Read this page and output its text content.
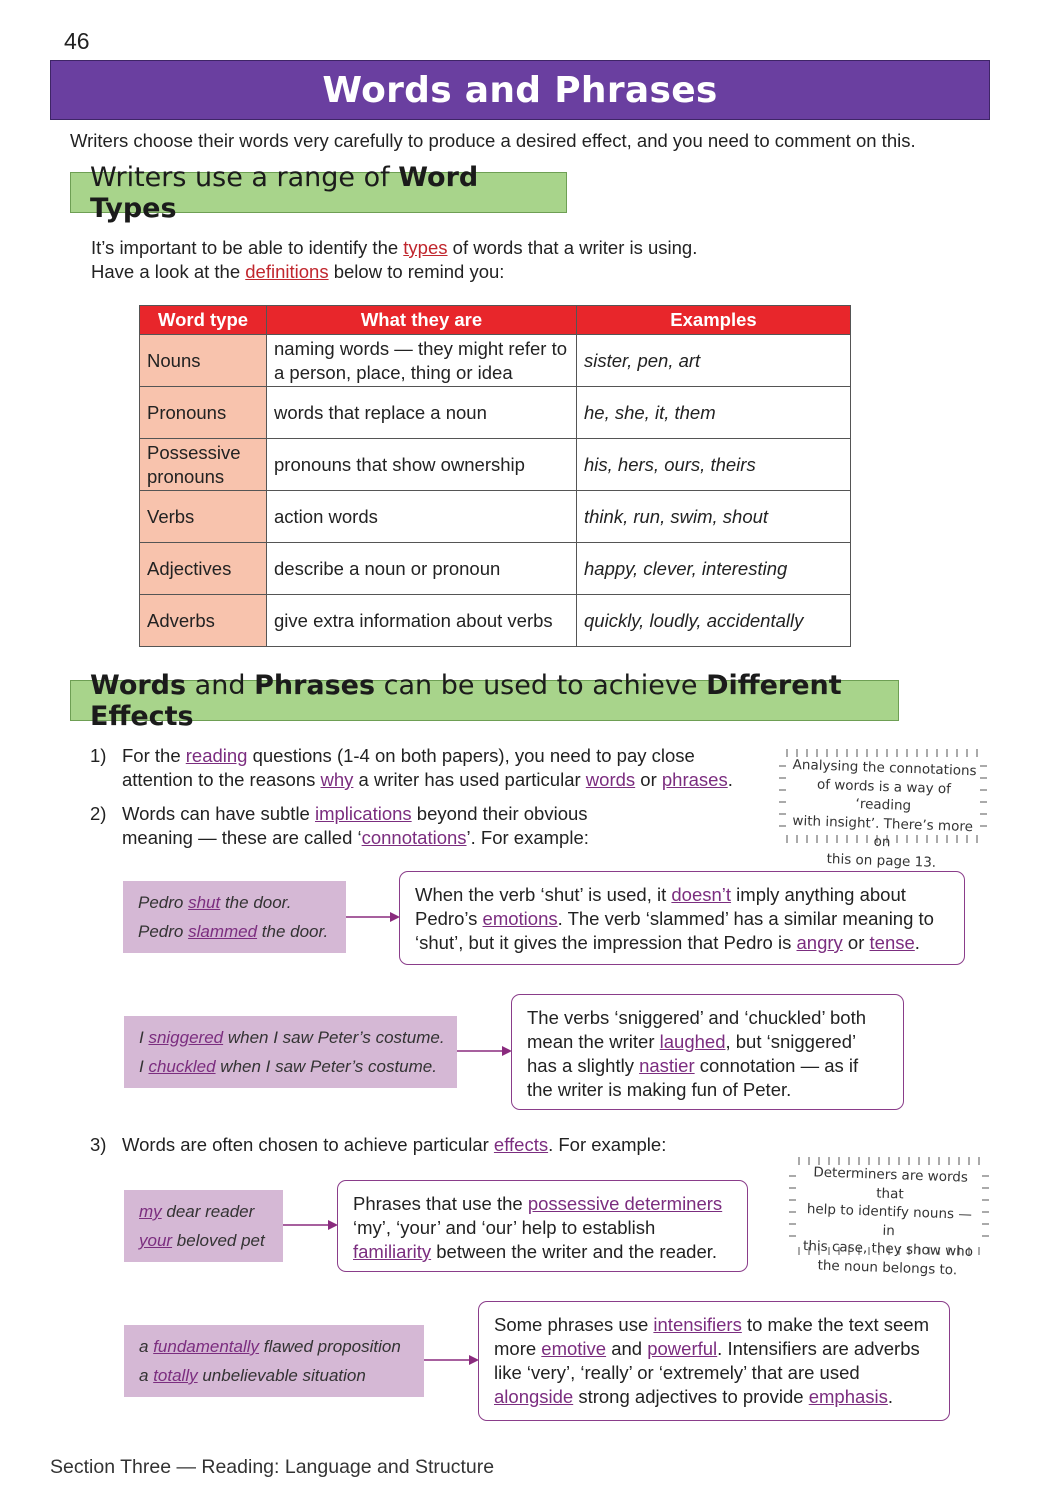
46
Words and Phrases
Writers choose their words very carefully to produce a desired effect, and you need to comment on this.
Writers use a range of Word Types
It’s important to be able to identify the types of words that a writer is using.
Have a look at the definitions below to remind you:
Word type	What they are	Examples
Nouns	naming words — they might refer to a person, place, thing or idea	sister, pen, art
Pronouns	words that replace a noun	he, she, it, them
Possessive pronouns	pronouns that show ownership	his, hers, ours, theirs
Verbs	action words	think, run, swim, shout
Adjectives	describe a noun or pronoun	happy, clever, interesting
Adverbs	give extra information about verbs	quickly, loudly, accidentally
Words and Phrases can be used to achieve Different Effects
1) For the reading questions (1-4 on both papers), you need to pay close
attention to the reasons why a writer has used particular words or phrases.
2) Words can have subtle implications beyond their obvious
meaning — these are called ‘connotations’. For example:
Analysing the connotations
of words is a way of ‘reading
with insight’. There’s more on
this on page 13.
Pedro shut the door.
Pedro slammed the door.
When the verb ‘shut’ is used, it doesn’t imply anything about
Pedro’s emotions. The verb ‘slammed’ has a similar meaning to
‘shut’, but it gives the impression that Pedro is angry or tense.
I sniggered when I saw Peter’s costume.
I chuckled when I saw Peter’s costume.
The verbs ‘sniggered’ and ‘chuckled’ both
mean the writer laughed, but ‘sniggered’
has a slightly nastier connotation — as if
the writer is making fun of Peter.
3) Words are often chosen to achieve particular effects. For example:
Determiners are words that
help to identify nouns — in
this case, they show who
the noun belongs to.
my dear reader
your beloved pet
Phrases that use the possessive determiners
‘my’, ‘your’ and ‘our’ help to establish
familiarity between the writer and the reader.
a fundamentally flawed proposition
a totally unbelievable situation
Some phrases use intensifiers to make the text seem
more emotive and powerful. Intensifiers are adverbs
like ‘very’, ‘really’ or ‘extremely’ that are used
alongside strong adjectives to provide emphasis.
Section Three — Reading: Language and Structure
